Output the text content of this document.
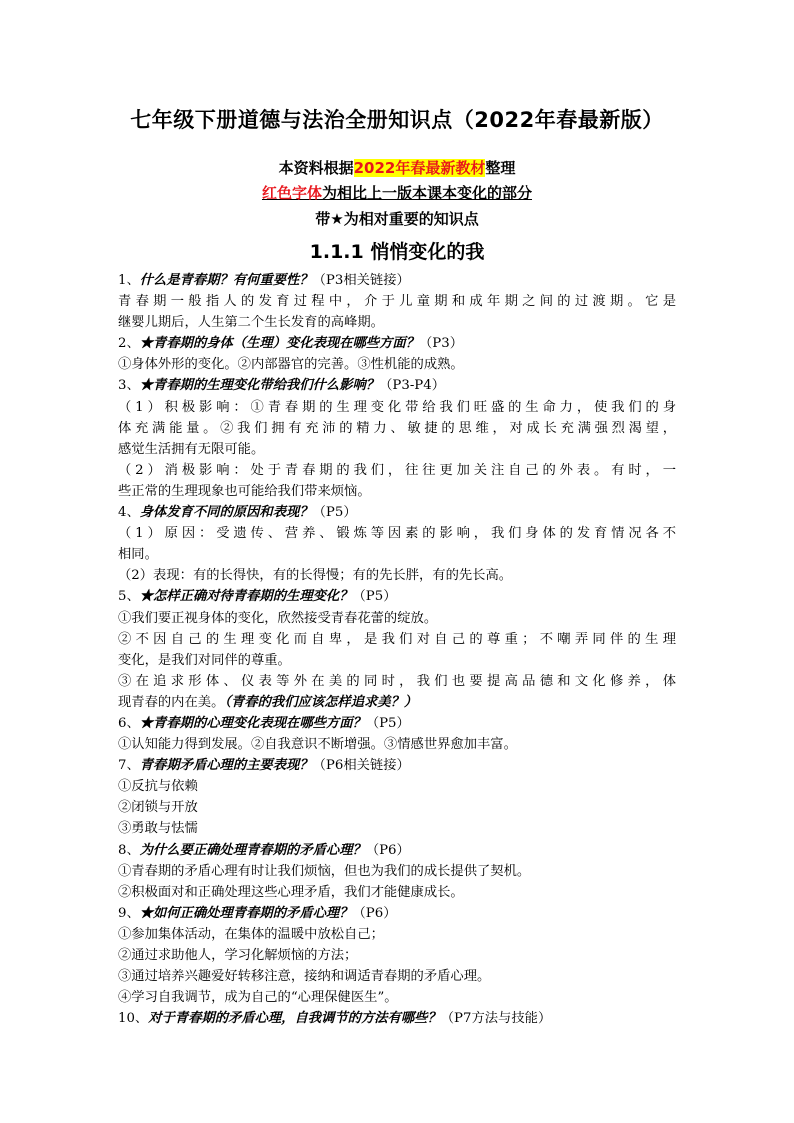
七年级下册道德与法治全册知识点（2022年春最新版）
本资料根据2022年春最新教材整理
红色字体为相比上一版本课本变化的部分
带★为相对重要的知识点
1.1.1 悄悄变化的我
1、什么是青春期？有何重要性？（P3相关链接）
青春期一般指人的发育过程中，介于儿童期和成年期之间的过渡期。它是
继婴儿期后，人生第二个生长发育的高峰期。
2、★青春期的身体（生理）变化表现在哪些方面？（P3）
①身体外形的变化。②内部器官的完善。③性机能的成熟。
3、★青春期的生理变化带给我们什么影响？（P3-P4）
（1）积极影响：①青春期的生理变化带给我们旺盛的生命力，使我们的身
体充满能量。②我们拥有充沛的精力、敏捷的思维，对成长充满强烈渴望，
感觉生活拥有无限可能。
（2）消极影响：处于青春期的我们，往往更加关注自己的外表。有时，一
些正常的生理现象也可能给我们带来烦恼。
4、身体发育不同的原因和表现？（P5）
（1）原因：受遗传、营养、锻炼等因素的影响，我们身体的发育情况各不
相同。
（2）表现：有的长得快，有的长得慢；有的先长胖，有的先长高。
5、★怎样正确对待青春期的生理变化？（P5）
①我们要正视身体的变化，欣然接受青春花蕾的绽放。
②不因自己的生理变化而自卑，是我们对自己的尊重；不嘲弄同伴的生理
变化，是我们对同伴的尊重。
③在追求形体、仪表等外在美的同时，我们也要提高品德和文化修养，体
现青春的内在美。（青春的我们应该怎样追求美？）
6、★青春期的心理变化表现在哪些方面？（P5）
①认知能力得到发展。②自我意识不断增强。③情感世界愈加丰富。
7、青春期矛盾心理的主要表现？（P6相关链接）
①反抗与依赖
②闭锁与开放
③勇敢与怯懦
8、为什么要正确处理青春期的矛盾心理？（P6）
①青春期的矛盾心理有时让我们烦恼，但也为我们的成长提供了契机。
②积极面对和正确处理这些心理矛盾，我们才能健康成长。
9、★如何正确处理青春期的矛盾心理？（P6）
①参加集体活动，在集体的温暖中放松自己；
②通过求助他人，学习化解烦恼的方法；
③通过培养兴趣爱好转移注意，接纳和调适青春期的矛盾心理。
④学习自我调节，成为自己的“心理保健医生”。
10、对于青春期的矛盾心理，自我调节的方法有哪些？（P7方法与技能）
